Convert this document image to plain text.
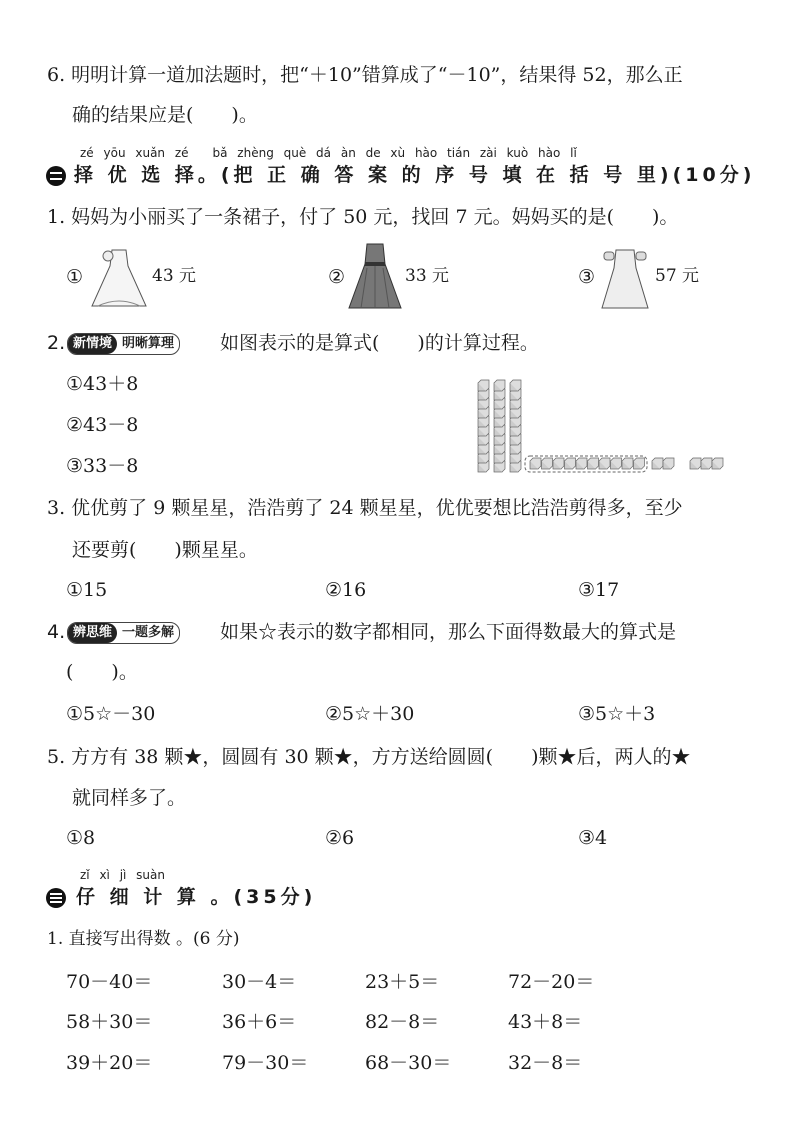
6. 明明计算一道加法题时，把“＋10”错算成了“－10”，结果得 52，那么正
确的结果应是(　　)。
zé yōu xuǎn zé　　bǎ zhèng què dá àn de xù hào tián zài kuò hào lǐ
择 优 选 择。(把 正 确 答 案 的 序 号 填 在 括 号 里)(10分)
1. 妈妈为小丽买了一条裙子，付了 50 元，找回 7 元。妈妈买的是(　　)。
①	43 元	②	33 元	③	57 元
2. 新情境 明晰算理 如图表示的是算式(　　)的计算过程。
①43＋8
②43－8
③33－8
3. 优优剪了 9 颗星星，浩浩剪了 24 颗星星，优优要想比浩浩剪得多，至少
还要剪(　　)颗星星。
①15	②16	③17
4. 辨思维 一题多解 如果☆表示的数字都相同，那么下面得数最大的算式是
(　　)。
①5☆－30	②5☆＋30	③5☆＋3
5. 方方有 38 颗★，圆圆有 30 颗★，方方送给圆圆(　　)颗★后，两人的★
就同样多了。
①8	②6	③4
zǐ xì jì suàn
仔 细 计 算 。(35分)
1. 直接写出得数 。(6 分)
70－40＝	30－4＝	23＋5＝	72－20＝
58＋30＝	36＋6＝	82－8＝	43＋8＝
39＋20＝	79－30＝	68－30＝	32－8＝
